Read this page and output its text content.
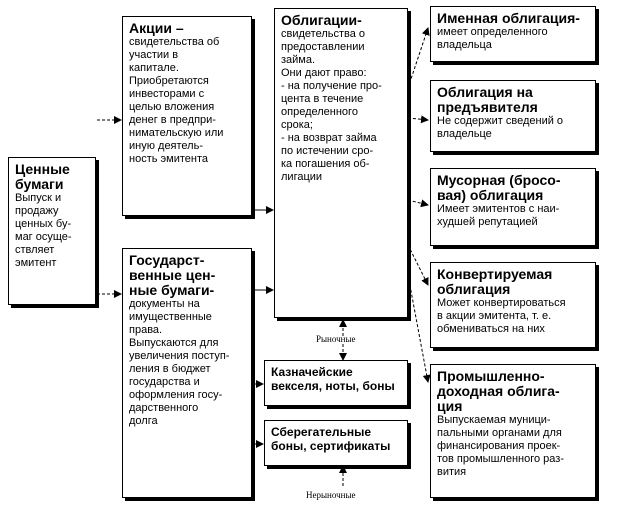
Ценные
бумаги
Выпуск и
продажу
ценных бу-
маг осуще-
ствляет
эмитент
Акции –
свидетельства об
участии в
капитале.
Приобретаются
инвесторами с
целью вложения
денег в предпри-
нимательскую или
иную деятель-
ность эмитента
Государст-
венные цен-
ные бумаги-
документы на
имущественные
права.
Выпускаются для
увеличения поступ-
ления в бюджет
государства и
оформления госу-
дарственного
долга
Облигации-
свидетельства о
предоставлении
займа.
Они дают право:
- на получение про-
цента в течение
определенного
срока;
- на возврат займа
по истечении сро-
ка погашения об-
лигации
Казначейские
векселя, ноты, боны
Сберегательные
боны, сертификаты
Рыночные
Нерыночные
Именная облигация-
имеет определенного
владельца
Облигация на
предъявителя
Не содержит сведений о
владельце
Мусорная (бросо-
вая) облигация
Имеет эмитентов с наи-
худшей репутацией
Конвертируемая
облигация
Может конвертироваться
в акции эмитента, т. е.
обмениваться на них
Промышленно-
доходная облига-
ция
Выпускаемая муници-
пальными органами для
финансирования проек-
тов промышленного раз-
вития
